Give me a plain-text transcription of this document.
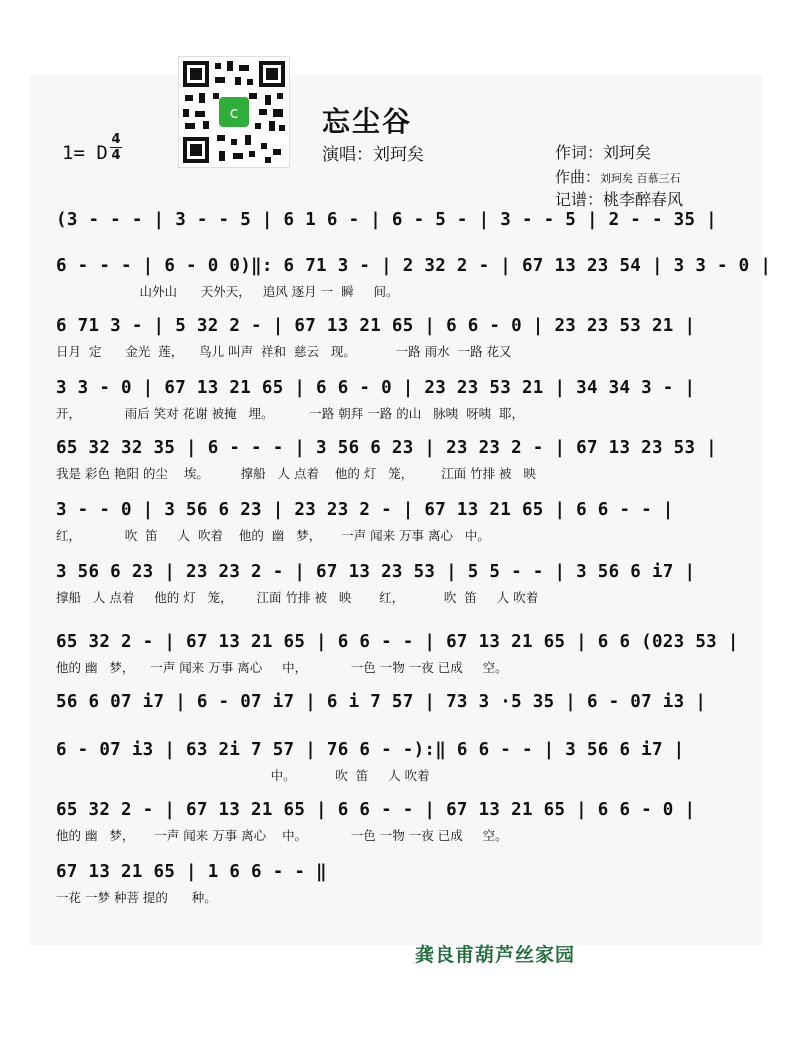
c	忘尘谷
演唱：刘珂矣
1= D
4
4	作词：刘珂矣
作曲：刘珂矣 百慕三石
记谱：桃李醉春风
(3 - - - | 3 - - 5 | 6 1 6 - | 6 - 5 - | 3 - - 5 | 2 - - 35 |
6 - - - | 6 - 0 0)‖: 6 71 3 - | 2 32 2 - | 67 13 23 54 | 3 3 - 0 |
山外山      天外天，   追风 逐月 一  瞬     间。
6 71 3 - | 5 32 2 - | 67 13 21 65 | 6 6 - 0 | 23 23 53 21 |
日月  定      金光  莲，    鸟儿 叫声  祥和  慈云   现。          一路 雨水  一路 花又
3 3 - 0 | 67 13 21 65 | 6 6 - 0 | 23 23 53 21 | 34 34 3 - |
开，           雨后 笑对 花谢 被掩   埋。         一路 朝拜 一路 的山   脉咦  呀咦  耶，
65 32 32 35 | 6 - - - | 3 56 6 23 | 23 23 2 - | 67 13 23 53 |
我是 彩色 艳阳 的尘    埃。        撑船   人 点着    他的 灯   笼，       江面 竹排 被   映
3 - - 0 | 3 56 6 23 | 23 23 2 - | 67 13 21 65 | 6 6 - - |
红，           吹  笛     人  吹着    他的  幽   梦，     一声 闻来 万事 离心   中。
3 56 6 23 | 23 23 2 - | 67 13 23 53 | 5 5 - - | 3 56 6 i7 |
撑船   人 点着     他的 灯   笼，      江面 竹排 被   映       红，          吹  笛     人 吹着
65 32 2 - | 67 13 21 65 | 6 6 - - | 67 13 21 65 | 6 6 (023 53 |
他的 幽   梦，    一声 闻来 万事 离心     中，           一色 一物 一夜 已成     空。
56 6 07 i7 | 6 - 07 i7 | 6 i 7 57 | 73 3 ·5 35 | 6 - 07 i3 |
6 - 07 i3 | 63 2i 7 57 | 76 6 - -):‖ 6 6 - - | 3 56 6 i7 |
中。          吹  笛     人 吹着
65 32 2 - | 67 13 21 65 | 6 6 - - | 67 13 21 65 | 6 6 - 0 |
他的 幽   梦，     一声 闻来 万事 离心    中。           一色 一物 一夜 已成     空。
67 13 21 65 | 1 6 6 - - ‖
一花 一梦 种菩 提的      种。
龚良甫葫芦丝家园
